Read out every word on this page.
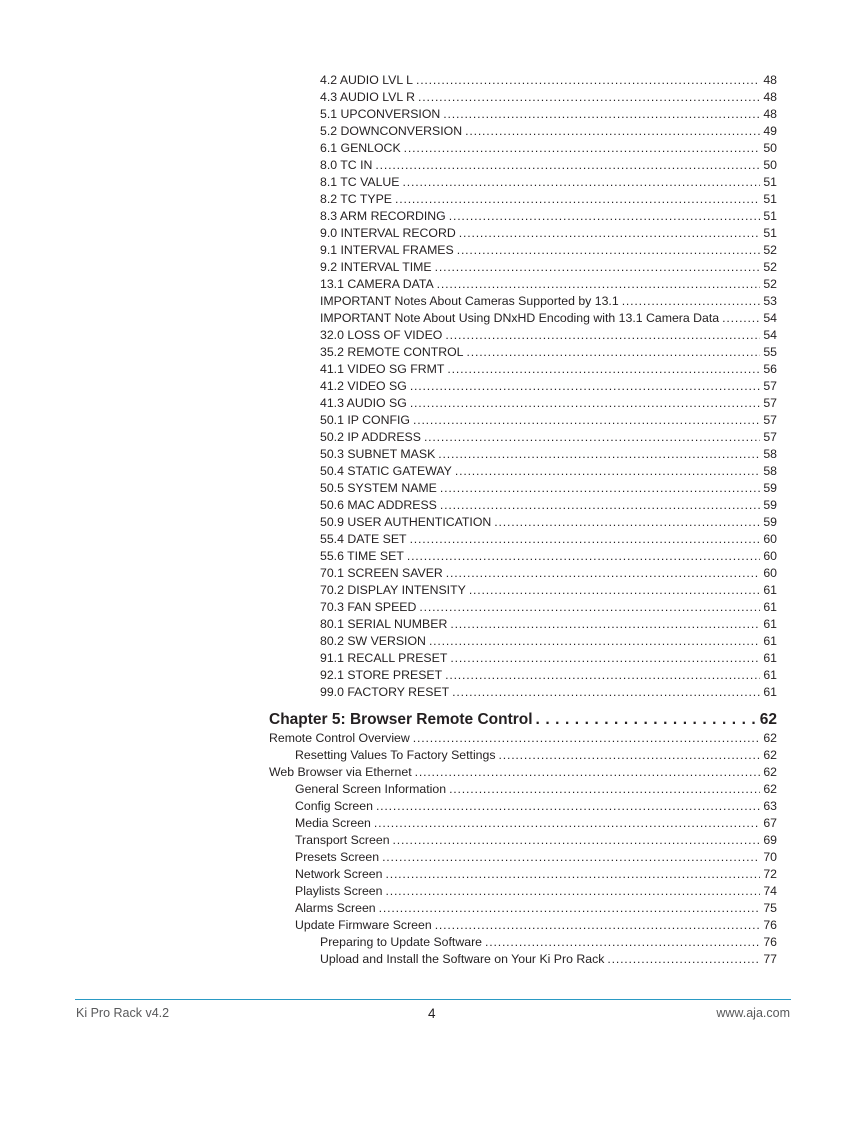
4.2 AUDIO LVL L . . .	48
4.3 AUDIO LVL R . . .	48
5.1 UPCONVERSION . . .	48
5.2 DOWNCONVERSION . . .	49
6.1 GENLOCK . . .	50
8.0 TC IN . . .	50
8.1 TC VALUE . . .	51
8.2 TC TYPE . . .	51
8.3 ARM RECORDING . . .	51
9.0 INTERVAL RECORD . . .	51
9.1 INTERVAL FRAMES . . .	52
9.2 INTERVAL TIME . . .	52
13.1 CAMERA DATA . . .	52
IMPORTANT Notes About Cameras Supported by 13.1 . . .	53
IMPORTANT Note About Using DNxHD Encoding with 13.1 Camera Data . . .	54
32.0 LOSS OF VIDEO . . .	54
35.2 REMOTE CONTROL . . .	55
41.1 VIDEO SG FRMT . . .	56
41.2 VIDEO SG . . .	57
41.3 AUDIO SG . . .	57
50.1 IP CONFIG . . .	57
50.2 IP ADDRESS . . .	57
50.3 SUBNET MASK . . .	58
50.4 STATIC GATEWAY . . .	58
50.5 SYSTEM NAME . . .	59
50.6 MAC ADDRESS . . .	59
50.9 USER AUTHENTICATION . . .	59
55.4 DATE SET . . .	60
55.6 TIME SET . . .	60
70.1 SCREEN SAVER . . .	60
70.2 DISPLAY INTENSITY . . .	61
70.3 FAN SPEED . . .	61
80.1 SERIAL NUMBER . . .	61
80.2 SW VERSION . . .	61
91.1 RECALL PRESET . . .	61
92.1 STORE PRESET . . .	61
99.0 FACTORY RESET . . .	61
Chapter 5: Browser Remote Control . . .	62
Remote Control Overview . . .	62
Resetting Values To Factory Settings . . .	62
Web Browser via Ethernet . . .	62
General Screen Information . . .	62
Config Screen . . .	63
Media Screen . . .	67
Transport Screen . . .	69
Presets Screen . . .	70
Network Screen . . .	72
Playlists Screen . . .	74
Alarms Screen . . .	75
Update Firmware Screen . . .	76
Preparing to Update Software . . .	76
Upload and Install the Software on Your Ki Pro Rack . . .	77
Ki Pro Rack v4.2	4	www.aja.com
